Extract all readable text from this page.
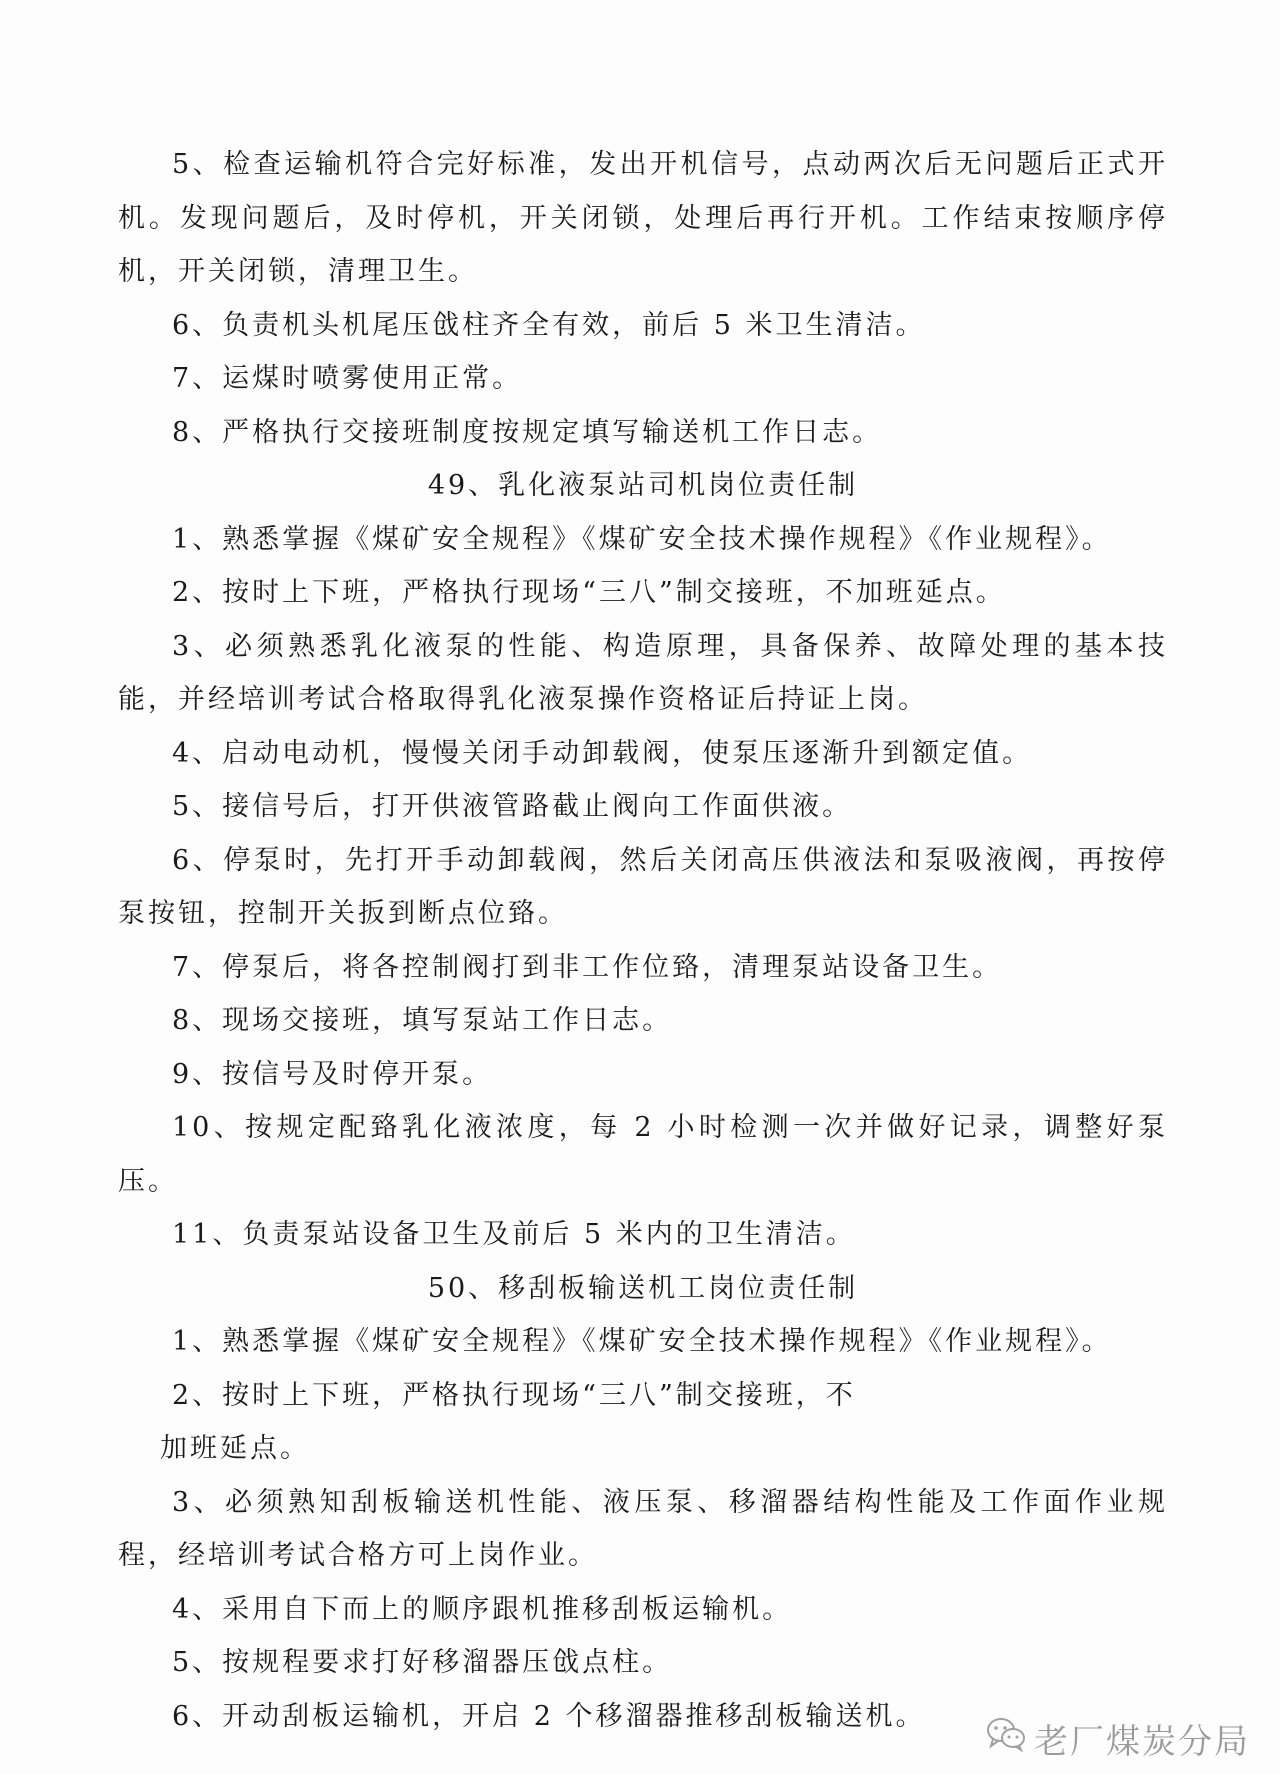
5、检查运输机符合完好标准，发出开机信号，点动两次后无问题后正式开机。发现问题后，及时停机，开关闭锁，处理后再行开机。工作结束按顺序停机，开关闭锁，清理卫生。

6、负责机头机尾压戗柱齐全有效，前后 5 米卫生清洁。

7、运煤时喷雾使用正常。

8、严格执行交接班制度按规定填写输送机工作日志。

49、乳化液泵站司机岗位责任制

1、熟悉掌握《煤矿安全规程》《煤矿安全技术操作规程》《作业规程》。

2、按时上下班，严格执行现场“三八”制交接班，不加班延点。

3、必须熟悉乳化液泵的性能、构造原理，具备保养、故障处理的基本技能，并经培训考试合格取得乳化液泵操作资格证后持证上岗。

4、启动电动机，慢慢关闭手动卸载阀，使泵压逐渐升到额定值。

5、接信号后，打开供液管路截止阀向工作面供液。

6、停泵时，先打开手动卸载阀，然后关闭高压供液法和泵吸液阀，再按停泵按钮，控制开关扳到断点位臵。

7、停泵后，将各控制阀打到非工作位臵，清理泵站设备卫生。

8、现场交接班，填写泵站工作日志。

9、按信号及时停开泵。

10、按规定配臵乳化液浓度，每 2 小时检测一次并做好记录，调整好泵压。

11、负责泵站设备卫生及前后 5 米内的卫生清洁。

50、移刮板输送机工岗位责任制

1、熟悉掌握《煤矿安全规程》《煤矿安全技术操作规程》《作业规程》。

2、按时上下班，严格执行现场“三八”制交接班，不

加班延点。

3、必须熟知刮板输送机性能、液压泵、移溜器结构性能及工作面作业规程，经培训考试合格方可上岗作业。

4、采用自下而上的顺序跟机推移刮板运输机。

5、按规程要求打好移溜器压戗点柱。

6、开动刮板运输机，开启 2 个移溜器推移刮板输送机。

老厂煤炭分局
